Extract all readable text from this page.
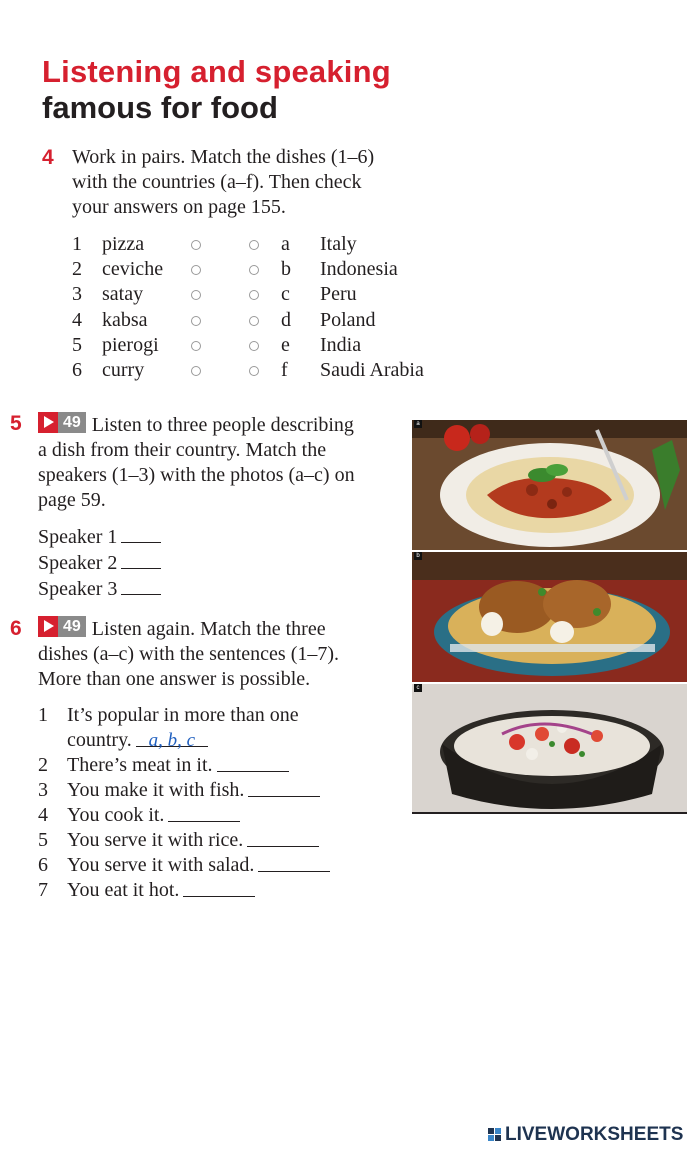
Listening and speaking
famous for food
4 Work in pairs. Match the dishes (1–6)
with the countries (a–f). Then check
your answers on page 155.
1 pizza	a Italy
2 ceviche	b Indonesia
3 satay	c Peru
4 kabsa	d Poland
5 pierogi	e India
6 curry	f Saudi Arabia
5	49 Listen to three people describing
a dish from their country. Match the
speakers (1–3) with the photos (a–c) on
page 59.
Speaker 1
Speaker 2
Speaker 3
6	49 Listen again. Match the three
dishes (a–c) with the sentences (1–7).
More than one answer is possible.
1 It’s popular in more than one
country. a, b, c
2 There’s meat in it.
3 You make it with fish.
4 You cook it.
5 You serve it with rice.
6 You serve it with salad.
7 You eat it hot.
a
b
c
LIVEWORKSHEETS
